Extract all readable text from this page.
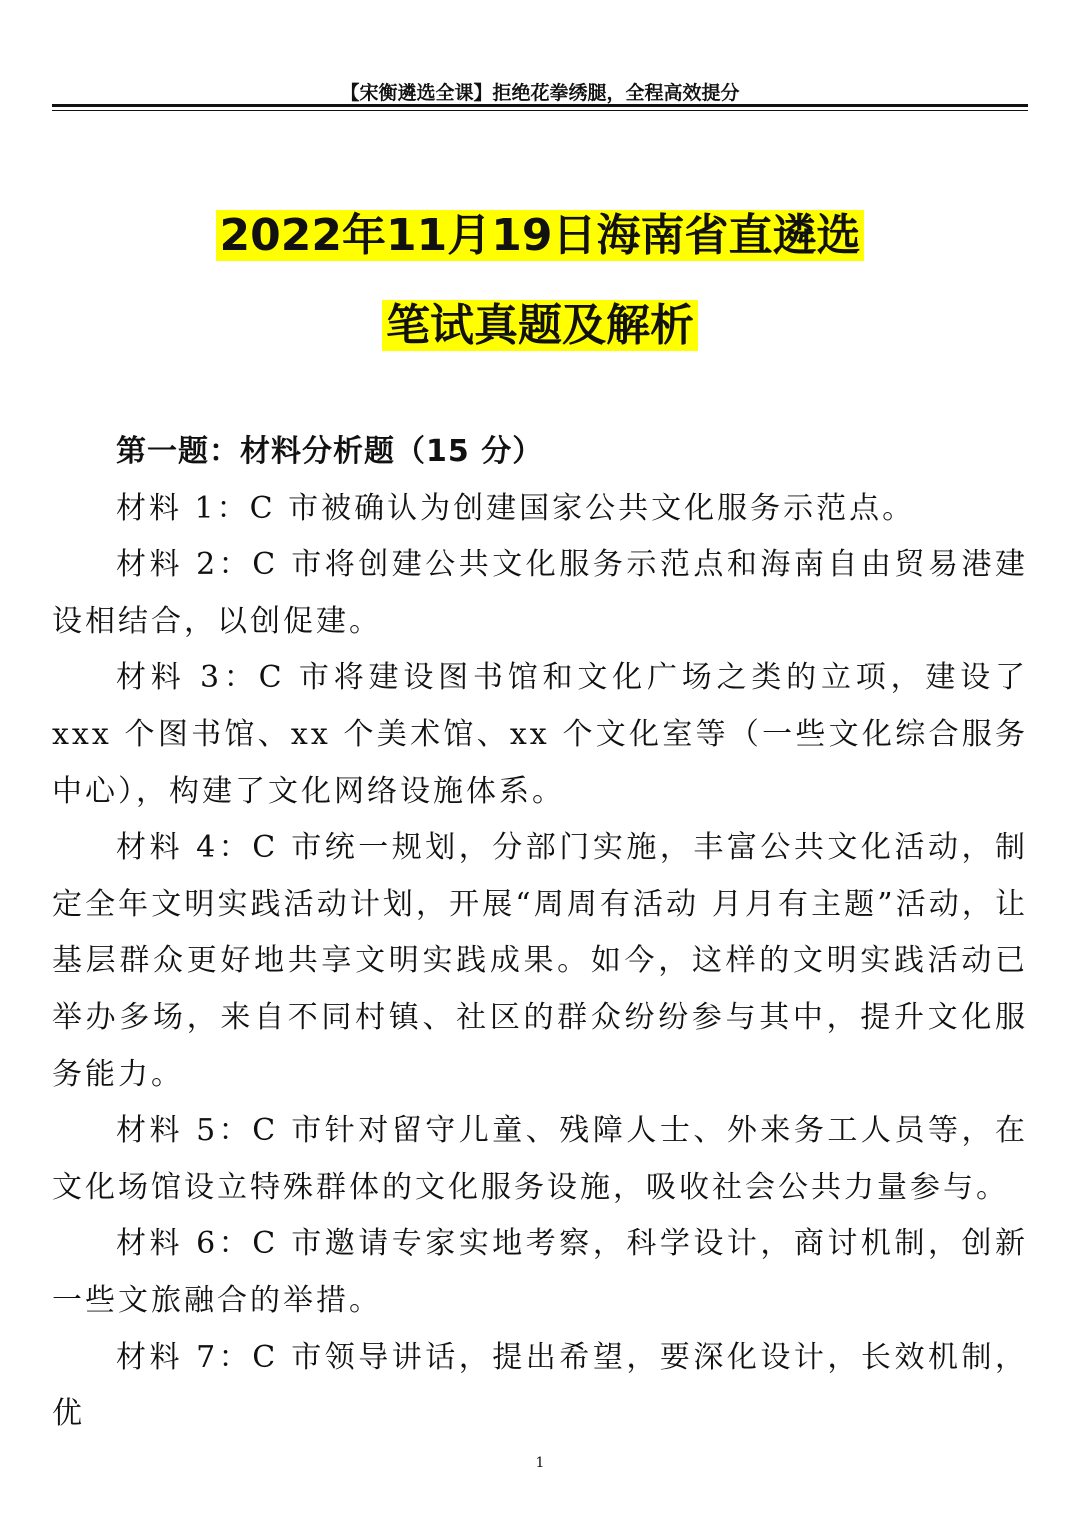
【宋衡遴选全课】拒绝花拳绣腿，全程高效提分
2022年11月19日海南省直遴选
笔试真题及解析

第一题：材料分析题（15 分）

材料 1：C 市被确认为创建国家公共文化服务示范点。

材料 2：C 市将创建公共文化服务示范点和海南自由贸易港建设相结合，以创促建。

材料 3：C 市将建设图书馆和文化广场之类的立项，建设了 xxx 个图书馆、xx 个美术馆、xx 个文化室等（一些文化综合服务中心），构建了文化网络设施体系。

材料 4：C 市统一规划，分部门实施，丰富公共文化活动，制定全年文明实践活动计划，开展“周周有活动 月月有主题”活动，让基层群众更好地共享文明实践成果。如今，这样的文明实践活动已举办多场，来自不同村镇、社区的群众纷纷参与其中，提升文化服务能力。

材料 5：C 市针对留守儿童、残障人士、外来务工人员等，在文化场馆设立特殊群体的文化服务设施，吸收社会公共力量参与。

材料 6：C 市邀请专家实地考察，科学设计，商讨机制，创新一些文旅融合的举措。

材料 7：C 市领导讲话，提出希望，要深化设计，长效机制，优

1
